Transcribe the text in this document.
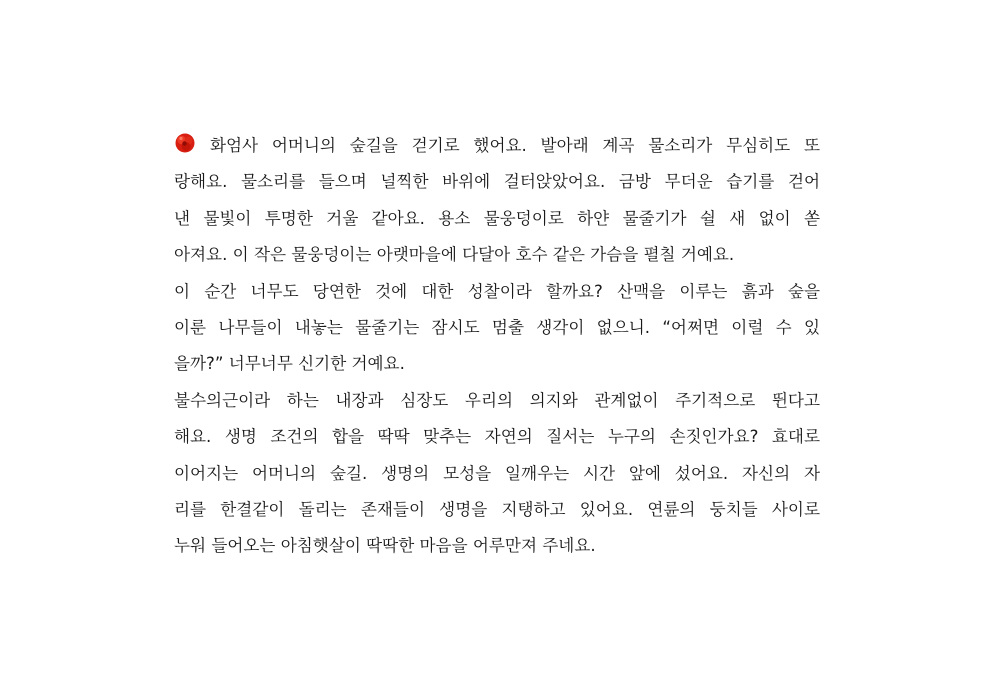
화엄사 어머니의 숲길을 걷기로 했어요. 발아래 계곡 물소리가 무심히도 또
랑해요. 물소리를 들으며 널찍한 바위에 걸터앉았어요. 금방 무더운 습기를 걷어
낸 물빛이 투명한 거울 같아요. 용소 물웅덩이로 하얀 물줄기가 쉴 새 없이 쏟
아져요. 이 작은 물웅덩이는 아랫마을에 다달아 호수 같은 가슴을 펼칠 거예요.
이 순간 너무도 당연한 것에 대한 성찰이라 할까요? 산맥을 이루는 흙과 숲을
이룬 나무들이 내놓는 물줄기는 잠시도 멈출 생각이 없으니. “어쩌면 이럴 수 있
을까?” 너무너무 신기한 거예요.
불수의근이라 하는 내장과 심장도 우리의 의지와 관계없이 주기적으로 뛴다고
해요. 생명 조건의 합을 딱딱 맞추는 자연의 질서는 누구의 손짓인가요? 효대로
이어지는 어머니의 숲길. 생명의 모성을 일깨우는 시간 앞에 섰어요. 자신의 자
리를 한결같이 돌리는 존재들이 생명을 지탱하고 있어요. 연륜의 둥치들 사이로
누워 들어오는 아침햇살이 딱딱한 마음을 어루만져 주네요.
